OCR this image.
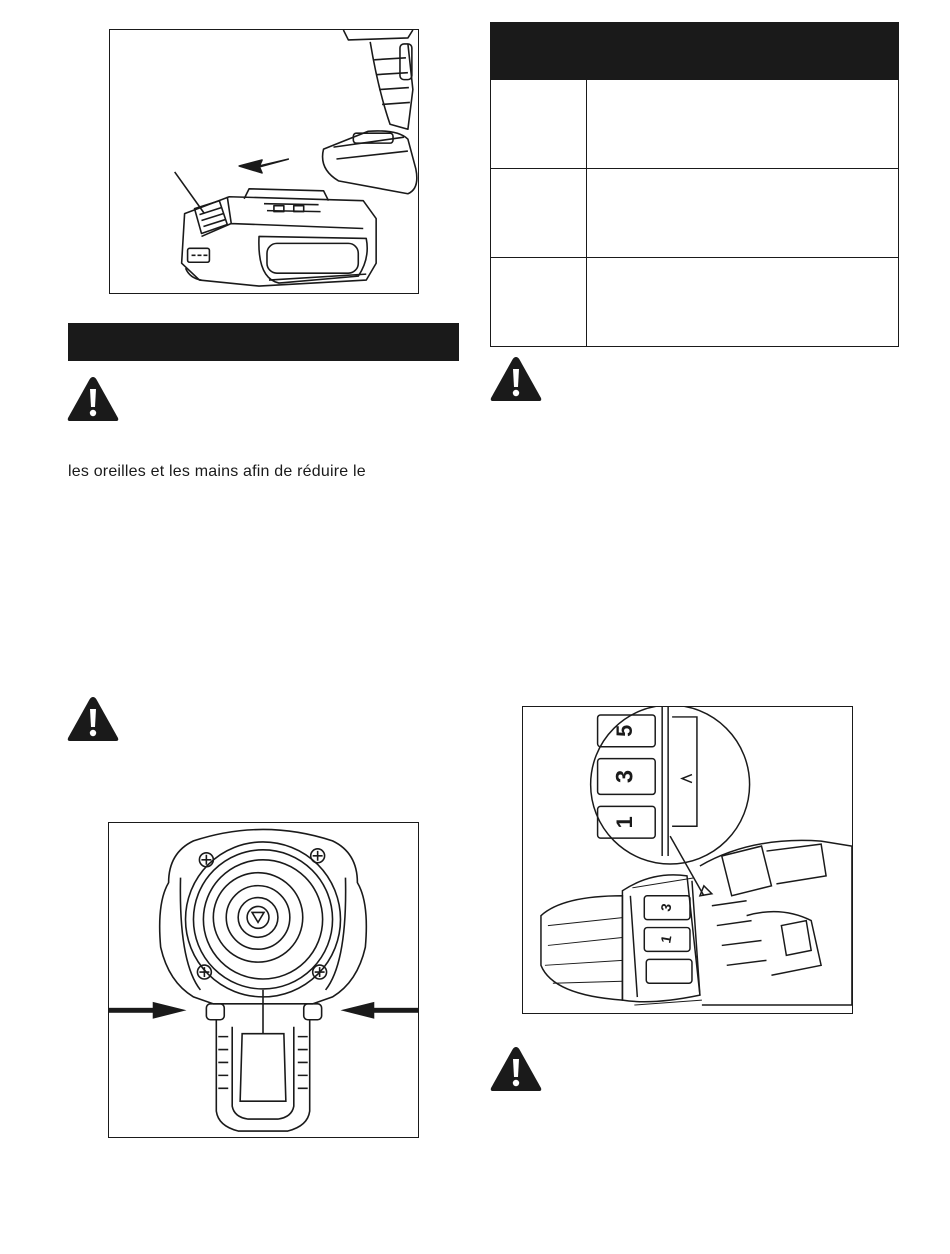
les oreilles et les mains afin de réduire le
5
3
1
3
1
